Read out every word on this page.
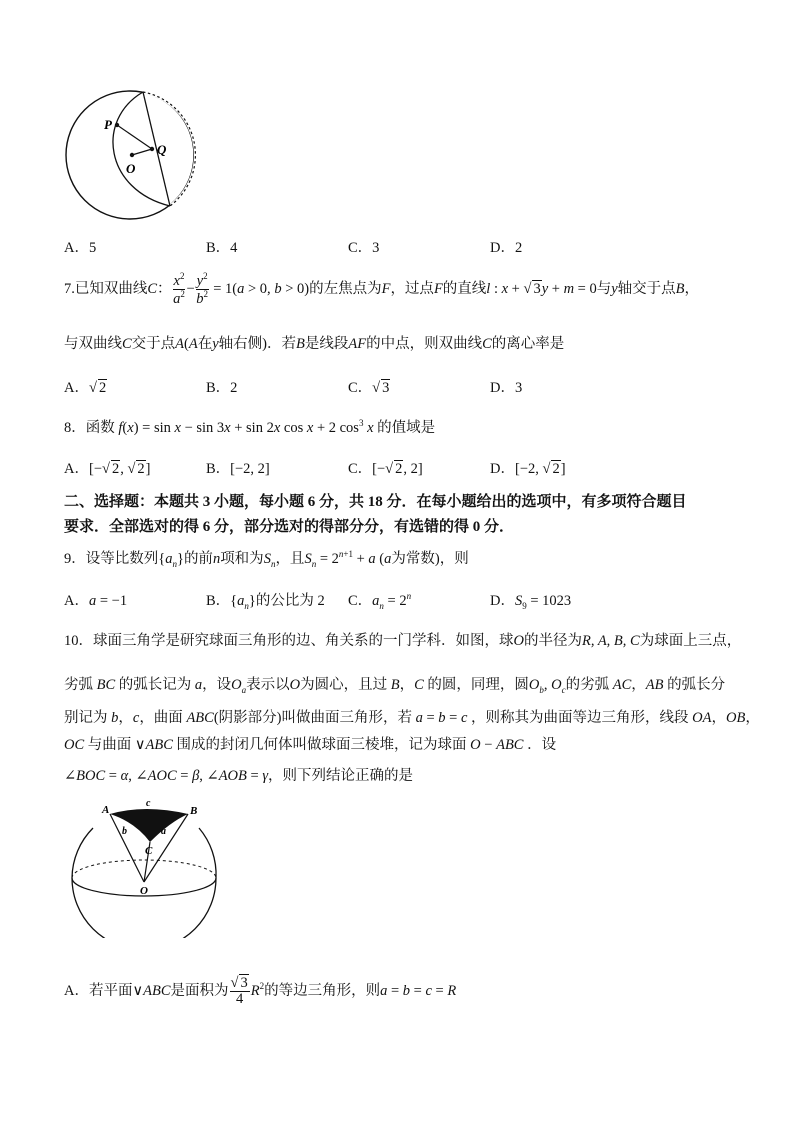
P
Q
O
A．5	B．4	C．3	D．2
7.已知双曲线C： $\frac{x^2}{a^2} - \frac{y^2}{b^2} = 1(a > 0$, b > 0)的左焦点为F，过点F的直线l : x + √ 3y + m = 0与y轴交于点B，
与双曲线C交于点A(A在y轴右侧)．若B是线段AF的中点，则双曲线C的离心率是
A．√ 2	B．2	C．√ 3	D．3
8．函数 f(x) = sin x − sin 3x + sin 2x cos x + 2 $\cos^3 x$ 的值域是
A．[−√ 2, √ 2]	B．[−2, 2]	C．[−√ 2, 2]	D．[−2, √ 2]
二、选择题：本题共 3 小题，每小题 6 分，共 18 分．在每小题给出的选项中，有多项符合题目
要求．全部选对的得 6 分，部分选对的得部分分，有选错的得 0 分．
9．设等比数列$\{a_n\}$的前n项和为$S_n$，且$S_n = 2^{n+1} + a$ (a为常数)，则
A．a = −1	B．$\{a_n\}$的公比为 2 C．$a_n = 2^n$	D．$S_9 = 1023$
10．球面三角学是研究球面三角形的边、角关系的一门学科．如图，球O的半径为R, A, B, C为球面上三点，
劣弧 BC 的弧长记为 a，设$O_a$表示以O为圆心，且过 B，C 的圆，同理，圆$O_b$, $O_c$的劣弧 AC，AB 的弧长分
别记为 b，c，曲面 ABC(阴影部分)叫做曲面三角形，若 a = b = c ，则称其为曲面等边三角形，线段 OA，OB，
OC 与曲面 ∨ABC 围成的封闭几何体叫做球面三棱堆，记为球面 O − ABC ．设
∠BOC = α, ∠AOC = β, ∠AOB = γ，则下列结论正确的是
A	B
C
O
c
b	a
A．若平面∨ABC是面积为 $\frac{√ 3}{4} R^2$的等边三角形，则a = b = c = R
